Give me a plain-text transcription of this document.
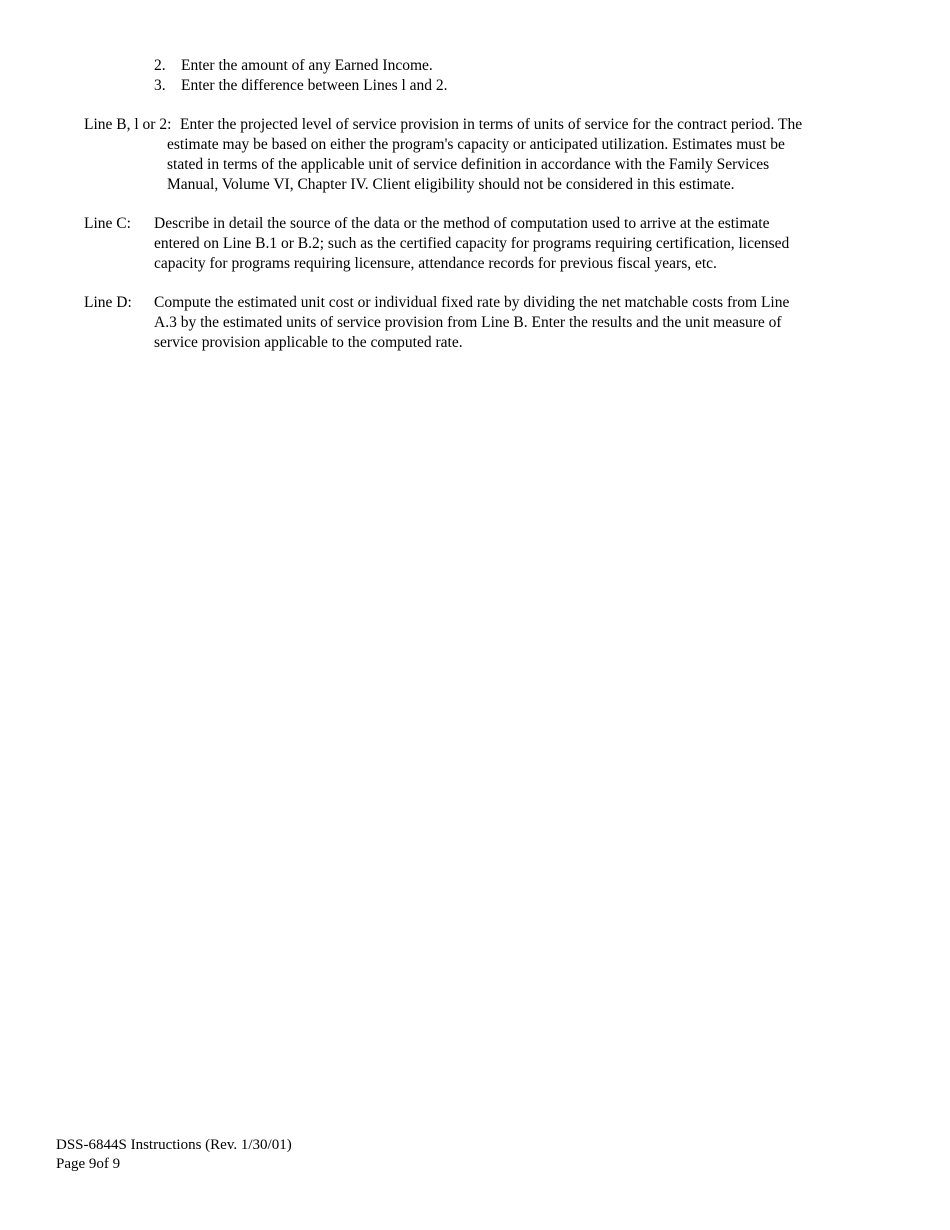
2. Enter the amount of any Earned Income.
3. Enter the difference between Lines l and 2.
Line B, l or 2: Enter the projected level of service provision in terms of units of service for the contract period. The
estimate may be based on either the program's capacity or anticipated utilization. Estimates must be
stated in terms of the applicable unit of service definition in accordance with the Family Services
Manual, Volume VI, Chapter IV. Client eligibility should not be considered in this estimate.
Line C: Describe in detail the source of the data or the method of computation used to arrive at the estimate
entered on Line B.1 or B.2; such as the certified capacity for programs requiring certification, licensed
capacity for programs requiring licensure, attendance records for previous fiscal years, etc.
Line D: Compute the estimated unit cost or individual fixed rate by dividing the net matchable costs from Line
A.3 by the estimated units of service provision from Line B. Enter the results and the unit measure of
service provision applicable to the computed rate.
DSS-6844S Instructions (Rev. 1/30/01)
Page 9of 9
